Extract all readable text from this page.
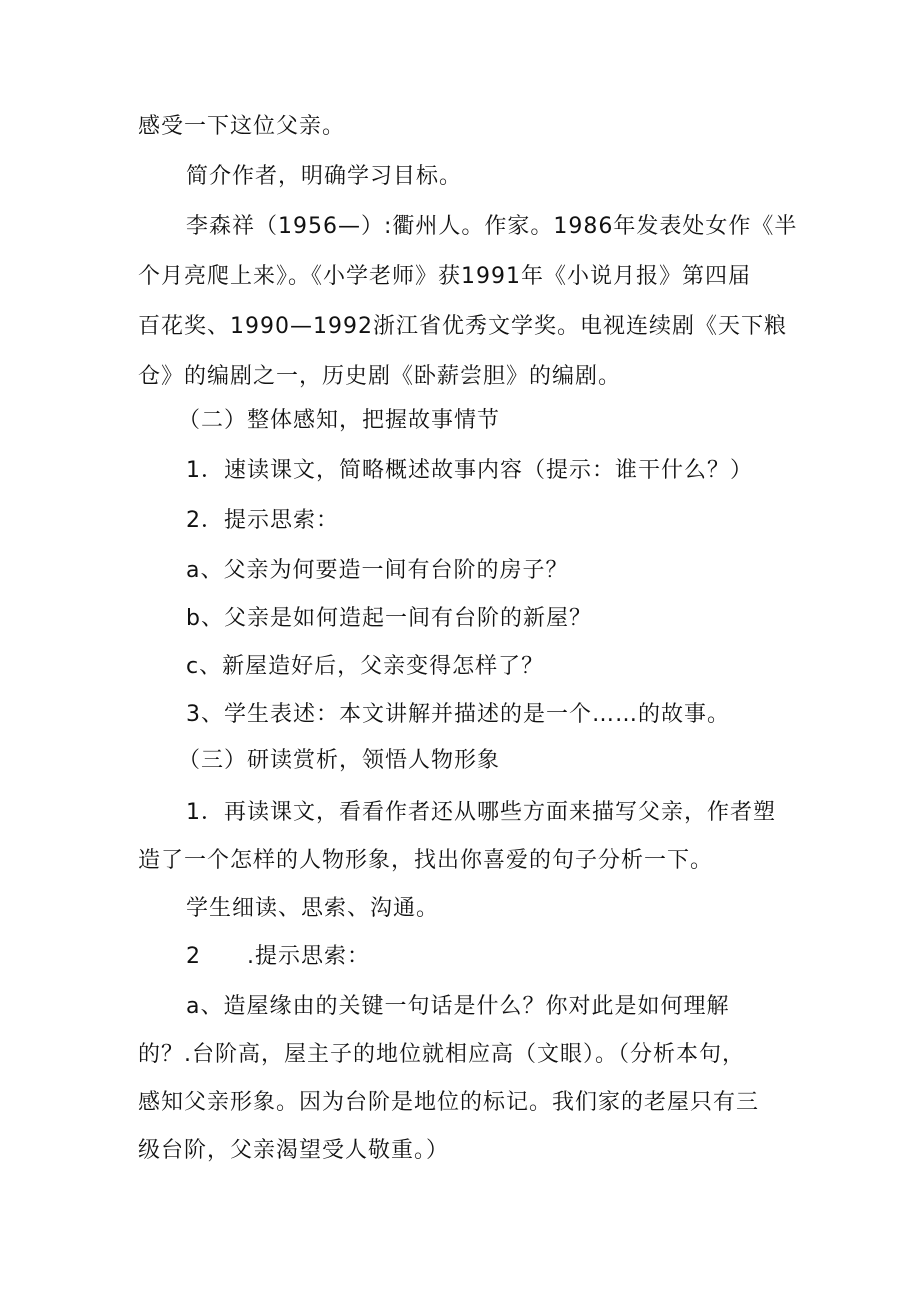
感受一下这位父亲。
简介作者，明确学习目标。
李森祥（1956—）:衢州人。作家。1986年发表处女作《半
个月亮爬上来》。《小学老师》获1991年《小说月报》第四届
百花奖、1990—1992浙江省优秀文学奖。电视连续剧《天下粮
仓》的编剧之一，历史剧《卧薪尝胆》的编剧。
（二）整体感知，把握故事情节
1．速读课文，简略概述故事内容（提示：谁干什么？）
2．提示思索：
a、父亲为何要造一间有台阶的房子？
b、父亲是如何造起一间有台阶的新屋？
c、新屋造好后，父亲变得怎样了？
3、学生表述：本文讲解并描述的是一个……的故事。
（三）研读赏析，领悟人物形象
1．再读课文，看看作者还从哪些方面来描写父亲，作者塑
造了一个怎样的人物形象，找出你喜爱的句子分析一下。
学生细读、思索、沟通。
2　　.提示思索：
a、造屋缘由的关键一句话是什么？你对此是如何理解
的？.台阶高，屋主子的地位就相应高（文眼）。（分析本句，
感知父亲形象。因为台阶是地位的标记。我们家的老屋只有三
级台阶，父亲渴望受人敬重。）
